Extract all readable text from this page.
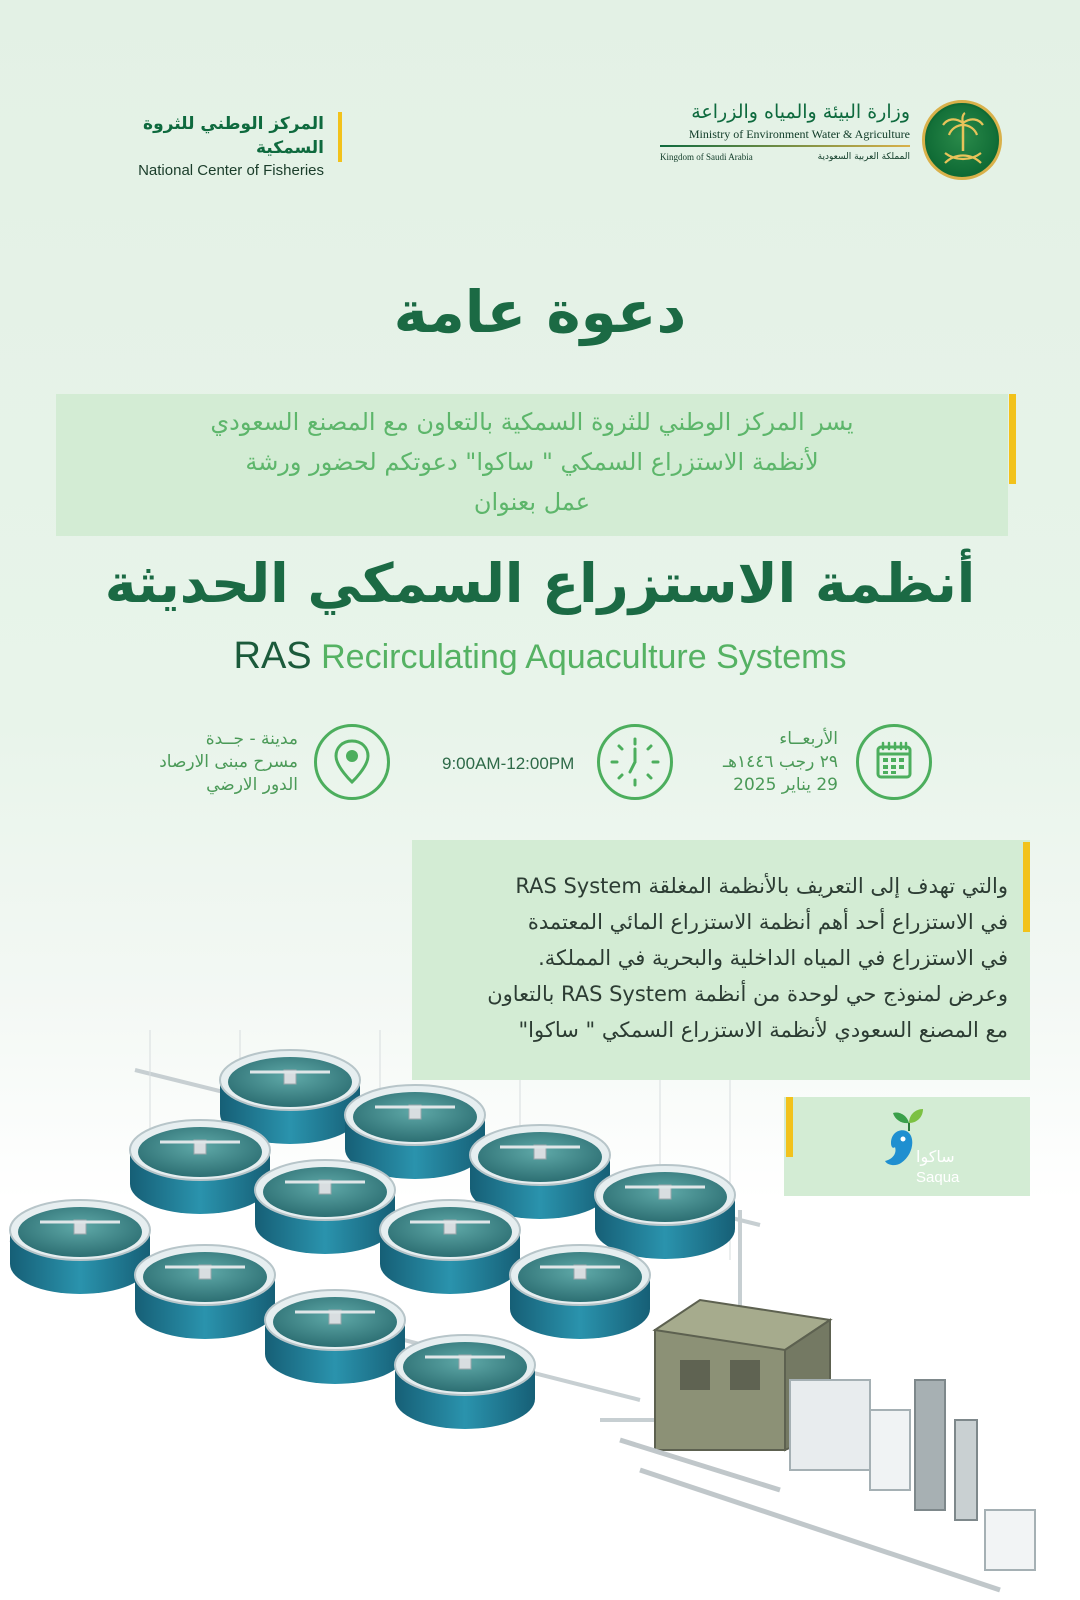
المركز الوطني للثروة السمكية
National Center of Fisheries
وزارة البيئة والمياه والزراعة
Ministry of Environment Water & Agriculture
Kingdom of Saudi Arabia	المملكة العربية السعودية
دعوة عامة
يسر المركز الوطني للثروة السمكية بالتعاون مع المصنع السعودي
لأنظمة الاستزراع السمكي " ساكوا" دعوتكم لحضور ورشة
عمل بعنوان
أنظمة الاستزراع السمكي الحديثة
RAS Recirculating Aquaculture Systems
مدينة - جــدة
مسرح مبنى الارصاد
الدور الارضي
9:00AM-12:00PM
الأربعــاء
٢٩ رجب ١٤٤٦هـ
29 يناير 2025
والتي تهدف إلى التعريف بالأنظمة المغلقة RAS System
في الاستزراع أحد أهم أنظمة الاستزراع المائي المعتمدة
في الاستزراع في المياه الداخلية والبحرية في المملكة.
وعرض لمنوذج حي لوحدة من أنظمة RAS System بالتعاون
مع المصنع السعودي لأنظمة الاستزراع السمكي " ساكوا"
ساكوا
Saqua
